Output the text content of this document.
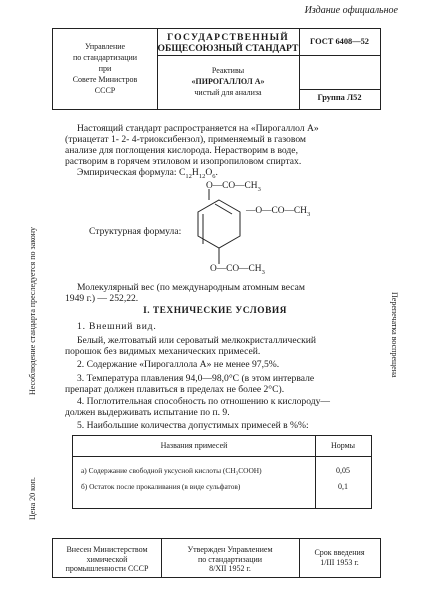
Издание официальное
Управление
по стандартизации
при
Совете Министров
СССР
ГОСУДАРСТВЕННЫЙ
ОБЩЕСОЮЗНЫЙ СТАНДАРТ
Реактивы
«ПИРОГАЛЛОЛ А»
чистый для анализа
ГОСТ 6408—52
Группа Л52
Настоящий стандарт распространяется на «Пирогаллол А»
(триацетат 1- 2- 4-триоксибензол), применяемый в газовом
анализе для поглощения кислорода. Нерастворим в воде,
растворим в горячем этиловом и изопропиловом спиртах.
Эмпирическая формула: $C_{12}H_{12}O_6$.
Структурная формула:
$O—CO—CH_3$
$—O—CO—CH_3$
$O—CO—CH_3$
Молекулярный вес (по международным атомным весам
1949 г.) — 252,22.
I. ТЕХНИЧЕСКИЕ УСЛОВИЯ
1. Внешний вид.
Белый, желтоватый или сероватый мелкокристаллический
порошок без видимых механических примесей.
2. Содержание «Пирогаллола А» не менее 97,5%.
3. Температура плавления 94,0—98,0°С (в этом интервале
препарат должен плавиться в пределах не более 2°С).
4. Поглотительная способность по отношению к кислороду—
должен выдерживать испытание по п. 9.
5. Наибольшие количества допустимых примесей в %%:
Названия примесей	Нормы
а) Содержание свободной уксусной кислоты (CH₃COOH)	0,05
б) Остаток после прокаливания (в виде сульфатов)	0,1
Внесен Министерством
химической
промышленности СССР
Утвержден Управлением
по стандартизации
8/XII 1952 г.
Срок введения
1/III 1953 г.
Несоблюдение стандарта преследуется по закону
Цена 20 коп.
Перепечатка воспрещена
